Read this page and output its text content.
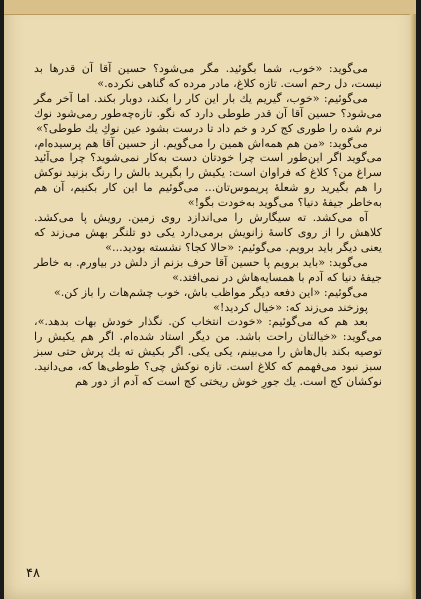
می‌گوید: «خوب، شما بگوئید. مگر می‌شود؟ حسین آقا آن قدرها بد نیست، دل رحم است. تازه کلاغ، مادر مرده که گناهی نکرده.»

می‌گوئیم: «خوب، گیریم یك بار این کار را بکند، دوبار بکند. اما آخر مگر می‌شود؟ حسین آقا آن قدر طوطی دارد که نگو. تازه‌چه‌طور رمی‌شود نوك‌ نرم شده را طوری کج کرد و خم داد تا درست بشود عین نوكِ یك طوطی؟»

می‌گوید: «من هم همه‌اش همین را می‌گویم. از حسین آقا هم پرسیده‌ام، می‌گوید اگر این‌طور است چرا خودتان دست به‌کار نمی‌شوید؟ چرا می‌آئید سراغ من؟ کلاغ که فراوان است: یکیش را بگیرید بالش را رنگ بزنید نوکش را هم بگیرید رو شعلهٔ پریموس‌تان... می‌گوئیم ما این کار بکنیم، آن هم به‌خاطر جیفهٔ دنیا؟ می‌گوید به‌خودت بگو!»

آه می‌کشد. ته سیگارش را می‌اندازد روی زمین. رویش پا می‌کشد. کلاهش را از روی کاسهٔ زانویش برمی‌دارد یکی دو تلنگر بهش می‌زند که یعنی دیگر باید برویم. می‌گوئیم: «حالا کجا؟ نشسته بودید...»

می‌گوید: «باید برویم پا حسین آقا حرف بزنم از دلش در بیاورم. به خاطر جیفهٔ دنیا که آدم با همسایه‌هاش در نمی‌افتد.»

می‌گوئیم: «این دفعه دیگر مواظب باش، خوب چشم‌هات را باز کن.»

پوزخند می‌زند که: «خیال کردید!»

بعد هم که می‌گوئیم: «خودت انتخاب کن. نگذار خودش بهات بدهد.»، می‌گوید: «خیالتان راحت باشد. من دیگر استاد شده‌ام. اگر هم یکیش را توصیه بکند بال‌هاش را می‌بینم، یکی یکی. اگر بکیش ته یك پرش حتی سبز سبز نبود می‌فهمم که کلاغ است. تازه نوکش چی؟ طوطی‌ها که، می‌دانید. نوکشان کج است. یك جورِ خوش ریختی کج است که آدم از دور هم

۴۸
